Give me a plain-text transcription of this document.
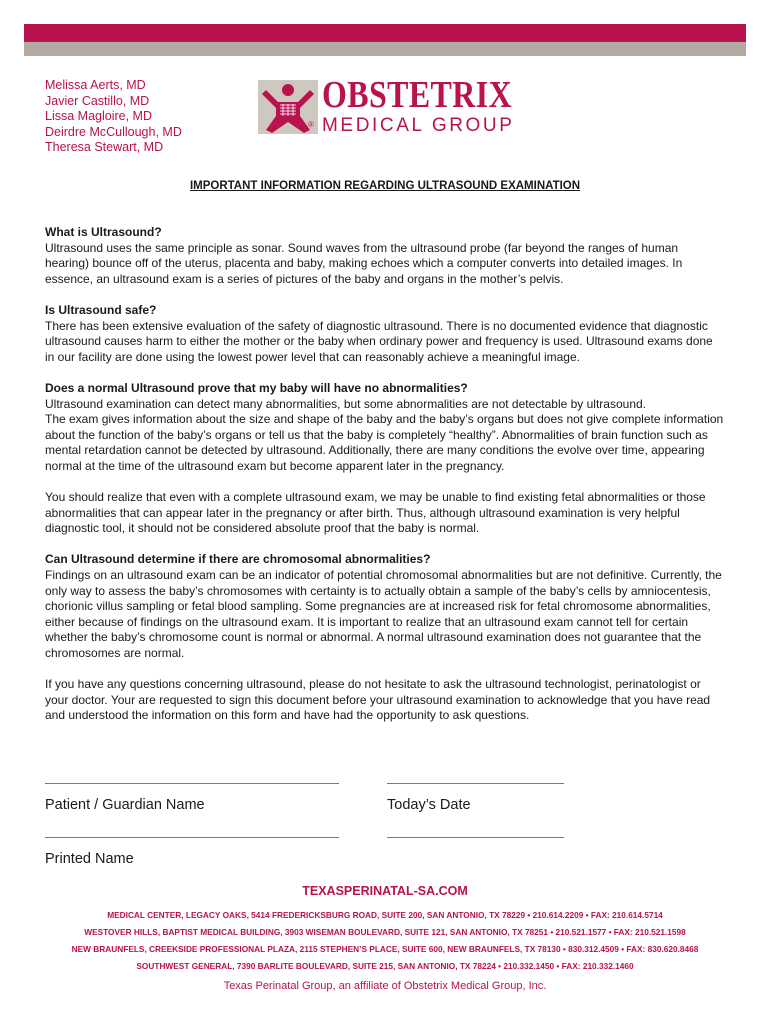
Melissa Aerts, MD
Javier Castillo, MD
Lissa Magloire, MD
Deirdre McCullough, MD
Theresa Stewart, MD
OBSTETRIX
® MEDICAL GROUP
IMPORTANT INFORMATION REGARDING ULTRASOUND EXAMINATION
What is Ultrasound?

Ultrasound uses the same principle as sonar. Sound waves from the ultrasound probe (far beyond the ranges of human hearing) bounce off of the uterus, placenta and baby, making echoes which a computer converts into detailed images. In essence, an ultrasound exam is a series of pictures of the baby and organs in the mother’s pelvis.

Is Ultrasound safe?

There has been extensive evaluation of the safety of diagnostic ultrasound. There is no documented evidence that diagnostic ultrasound causes harm to either the mother or the baby when ordinary power and frequency is used. Ultrasound exams done in our facility are done using the lowest power level that can reasonably achieve a meaningful image.

Does a normal Ultrasound prove that my baby will have no abnormalities?

Ultrasound examination can detect many abnormalities, but some abnormalities are not detectable by ultrasound.

The exam gives information about the size and shape of the baby and the baby’s organs but does not give complete information about the function of the baby’s organs or tell us that the baby is completely “healthy”. Abnormalities of brain function such as mental retardation cannot be detected by ultrasound. Additionally, there are many conditions the evolve over time, appearing normal at the time of the ultrasound exam but become apparent later in the pregnancy.

You should realize that even with a complete ultrasound exam, we may be unable to find existing fetal abnormalities or those abnormalities that can appear later in the pregnancy or after birth. Thus, although ultrasound examination is very helpful diagnostic tool, it should not be considered absolute proof that the baby is normal.

Can Ultrasound determine if there are chromosomal abnormalities?

Findings on an ultrasound exam can be an indicator of potential chromosomal abnormalities but are not definitive. Currently, the only way to assess the baby’s chromosomes with certainty is to actually obtain a sample of the baby’s cells by amniocentesis, chorionic villus sampling or fetal blood sampling. Some pregnancies are at increased risk for fetal chromosome abnormalities, either because of findings on the ultrasound exam. It is important to realize that an ultrasound exam cannot tell for certain whether the baby’s chromosome count is normal or abnormal. A normal ultrasound examination does not guarantee that the chromosomes are normal.

If you have any questions concerning ultrasound, please do not hesitate to ask the ultrasound technologist, perinatologist or your doctor. Your are requested to sign this document before your ultrasound examination to acknowledge that you have read and understood the information on this form and have had the opportunity to ask questions.

Patient / Guardian Name	Today’s Date
Printed Name
TEXASPERINATAL-SA.COM
MEDICAL CENTER, LEGACY OAKS, 5414 FREDERICKSBURG ROAD, SUITE 200, SAN ANTONIO, TX 78229 • 210.614.2209 • FAX: 210.614.5714
WESTOVER HILLS, BAPTIST MEDICAL BUILDING, 3903 WISEMAN BOULEVARD, SUITE 121, SAN ANTONIO, TX 78251 • 210.521.1577 • FAX: 210.521.1598
NEW BRAUNFELS, CREEKSIDE PROFESSIONAL PLAZA, 2115 STEPHEN’S PLACE, SUITE 600, NEW BRAUNFELS, TX 78130 • 830.312.4509 • FAX: 830.620.8468
SOUTHWEST GENERAL, 7390 BARLITE BOULEVARD, SUITE 215, SAN ANTONIO, TX 78224 • 210.332.1450 • FAX: 210.332.1460
Texas Perinatal Group, an affiliate of Obstetrix Medical Group, Inc.
